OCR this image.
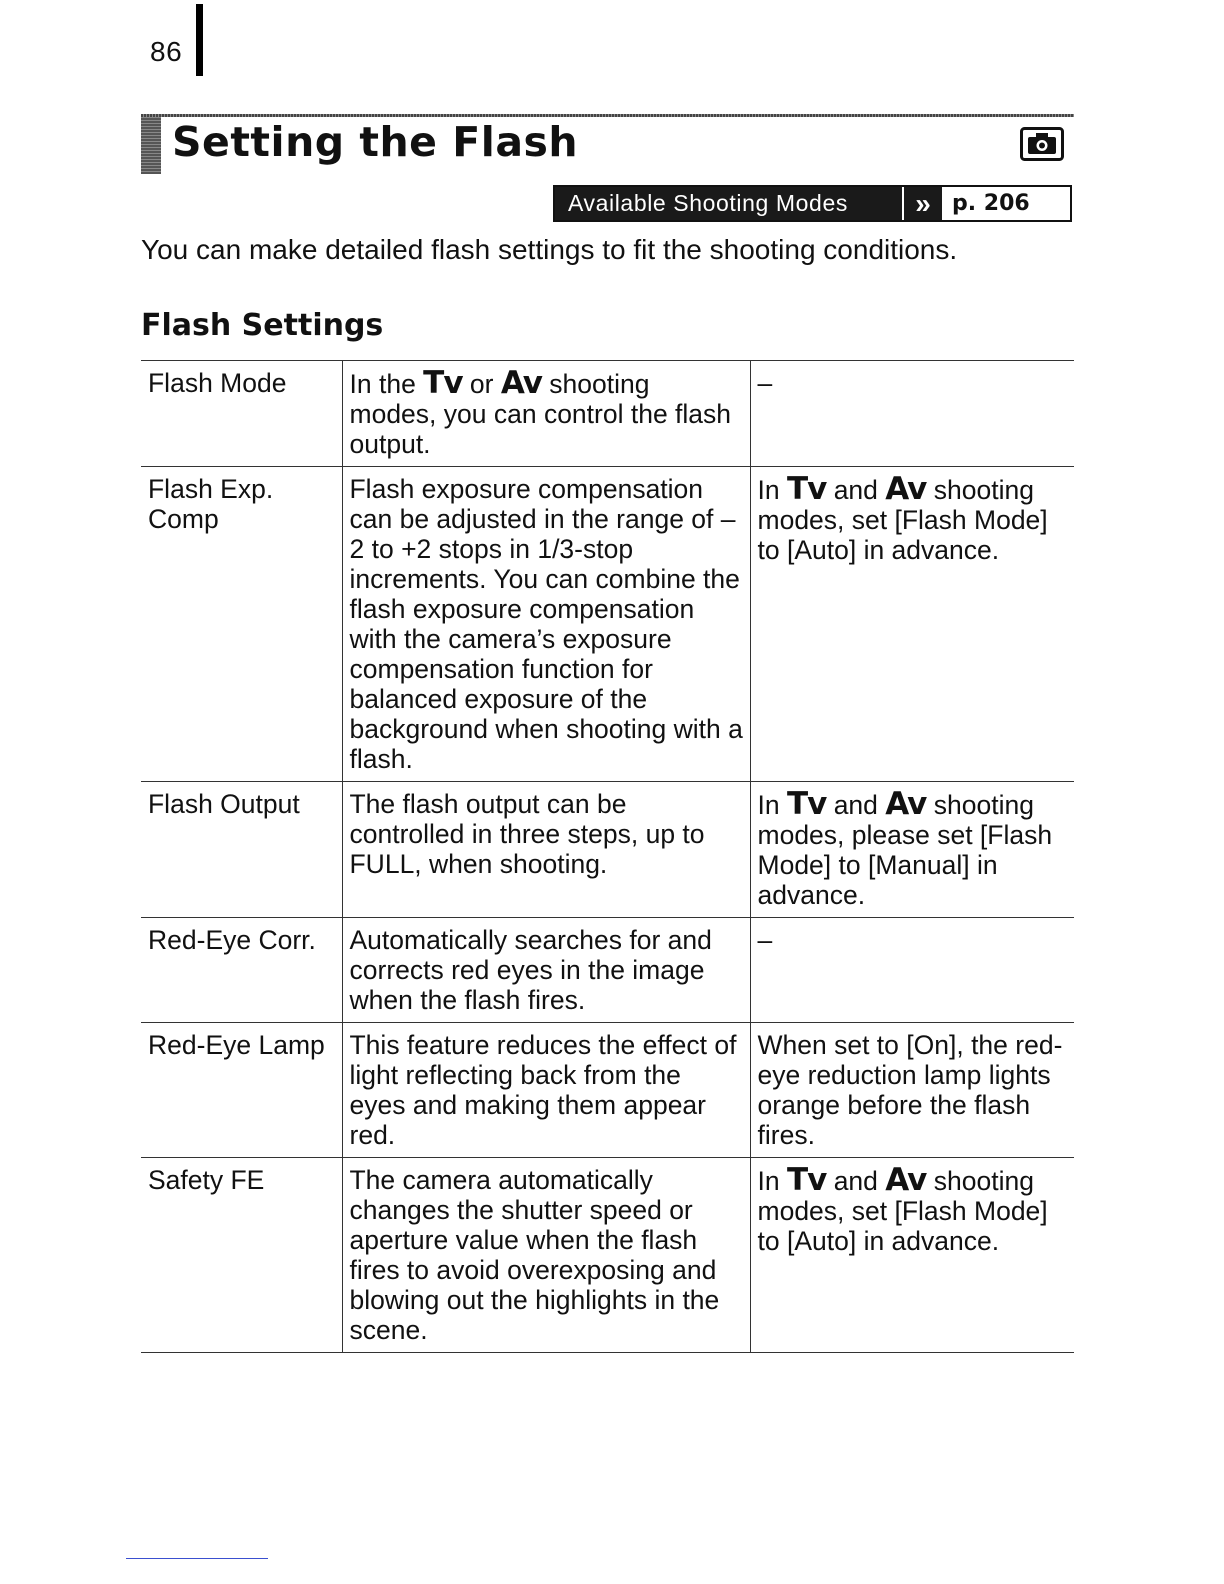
86
Setting the Flash
Available Shooting Modes	» p. 206

You can make detailed flash settings to fit the shooting conditions.

Flash Settings
Flash Mode	In the Tv or Av shooting modes, you can control the flash output.	–
Flash Exp. Comp	Flash exposure compensation can be adjusted in the range of –2 to +2 stops in 1/3-stop increments. You can combine the flash exposure compensation with the camera’s exposure compensation function for balanced exposure of the background when shooting with a flash.	In Tv and Av shooting modes, set [Flash Mode] to [Auto] in advance.
Flash Output	The flash output can be controlled in three steps, up to FULL, when shooting.	In Tv and Av shooting modes, please set [Flash Mode] to [Manual] in advance.
Red-Eye Corr.	Automatically searches for and corrects red eyes in the image when the flash fires.	–
Red-Eye Lamp	This feature reduces the effect of light reflecting back from the eyes and making them appear red.	When set to [On], the red-eye reduction lamp lights orange before the flash fires.
Safety FE	The camera automatically changes the shutter speed or aperture value when the flash fires to avoid overexposing and blowing out the highlights in the scene.	In Tv and Av shooting modes, set [Flash Mode] to [Auto] in advance.
